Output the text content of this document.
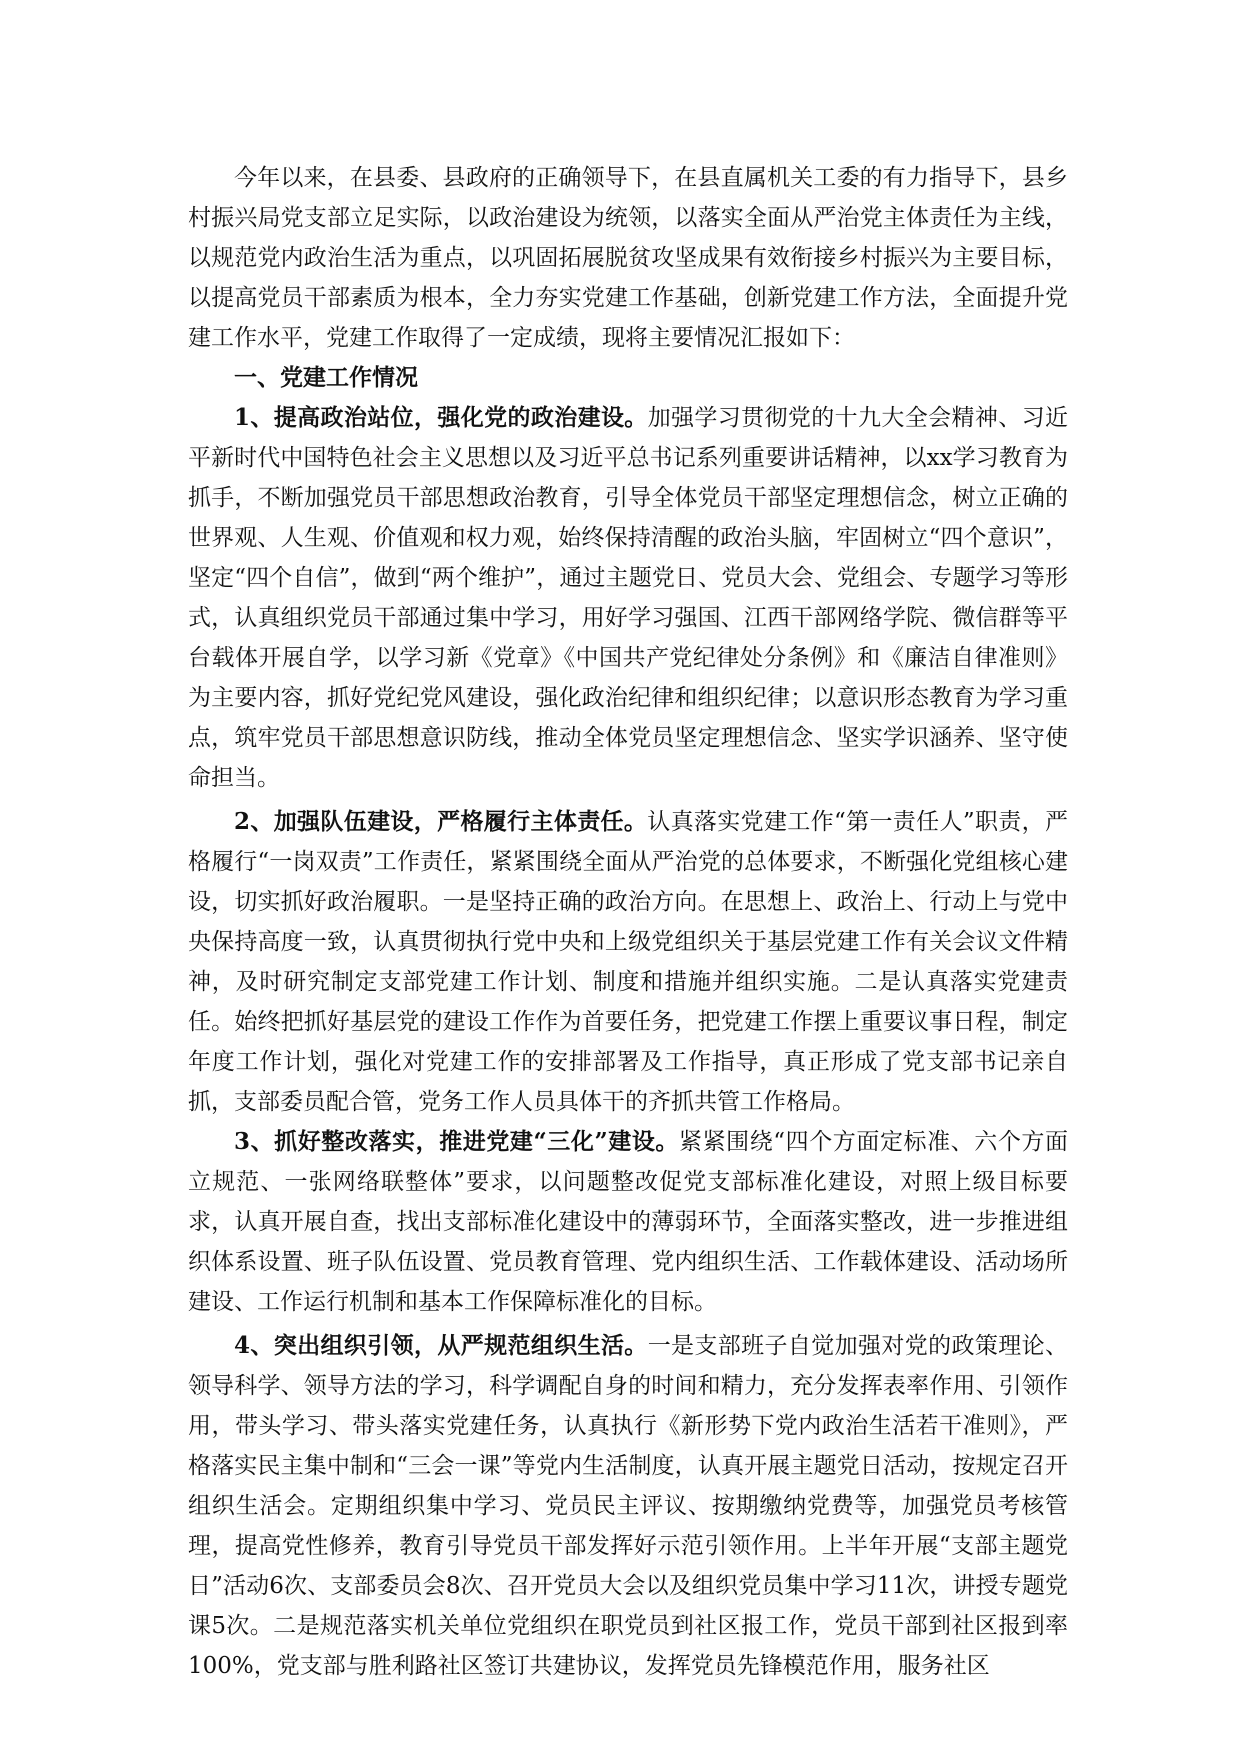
今年以来，在县委、县政府的正确领导下，在县直属机关工委的有力指导下，县乡村振兴局党支部立足实际，以政治建设为统领，以落实全面从严治党主体责任为主线，以规范党内政治生活为重点，以巩固拓展脱贫攻坚成果有效衔接乡村振兴为主要目标，以提高党员干部素质为根本，全力夯实党建工作基础，创新党建工作方法，全面提升党建工作水平，党建工作取得了一定成绩，现将主要情况汇报如下：

一、党建工作情况

1、提高政治站位，强化党的政治建设。加强学习贯彻党的十九大全会精神、习近平新时代中国特色社会主义思想以及习近平总书记系列重要讲话精神，以xx学习教育为抓手，不断加强党员干部思想政治教育，引导全体党员干部坚定理想信念，树立正确的世界观、人生观、价值观和权力观，始终保持清醒的政治头脑，牢固树立“四个意识”，坚定“四个自信”，做到“两个维护”，通过主题党日、党员大会、党组会、专题学习等形式，认真组织党员干部通过集中学习，用好学习强国、江西干部网络学院、微信群等平台载体开展自学，以学习新《党章》《中国共产党纪律处分条例》和《廉洁自律准则》为主要内容，抓好党纪党风建设，强化政治纪律和组织纪律；以意识形态教育为学习重点，筑牢党员干部思想意识防线，推动全体党员坚定理想信念、坚实学识涵养、坚守使命担当。

2、加强队伍建设，严格履行主体责任。认真落实党建工作“第一责任人”职责，严格履行“一岗双责”工作责任，紧紧围绕全面从严治党的总体要求，不断强化党组核心建设，切实抓好政治履职。一是坚持正确的政治方向。在思想上、政治上、行动上与党中央保持高度一致，认真贯彻执行党中央和上级党组织关于基层党建工作有关会议文件精神，及时研究制定支部党建工作计划、制度和措施并组织实施。二是认真落实党建责任。始终把抓好基层党的建设工作作为首要任务，把党建工作摆上重要议事日程，制定年度工作计划，强化对党建工作的安排部署及工作指导，真正形成了党支部书记亲自抓，支部委员配合管，党务工作人员具体干的齐抓共管工作格局。

3、抓好整改落实，推进党建“三化”建设。紧紧围绕“四个方面定标准、六个方面立规范、一张网络联整体”要求，以问题整改促党支部标准化建设，对照上级目标要求，认真开展自查，找出支部标准化建设中的薄弱环节，全面落实整改，进一步推进组织体系设置、班子队伍设置、党员教育管理、党内组织生活、工作载体建设、活动场所建设、工作运行机制和基本工作保障标准化的目标。

4、突出组织引领，从严规范组织生活。一是支部班子自觉加强对党的政策理论、领导科学、领导方法的学习，科学调配自身的时间和精力，充分发挥表率作用、引领作用，带头学习、带头落实党建任务，认真执行《新形势下党内政治生活若干准则》，严格落实民主集中制和“三会一课”等党内生活制度，认真开展主题党日活动，按规定召开组织生活会。定期组织集中学习、党员民主评议、按期缴纳党费等，加强党员考核管理，提高党性修养，教育引导党员干部发挥好示范引领作用。上半年开展“支部主题党日”活动6次、支部委员会8次、召开党员大会以及组织党员集中学习11次，讲授专题党课5次。二是规范落实机关单位党组织在职党员到社区报工作，党员干部到社区报到率100%，党支部与胜利路社区签订共建协议，发挥党员先锋模范作用，服务社区
